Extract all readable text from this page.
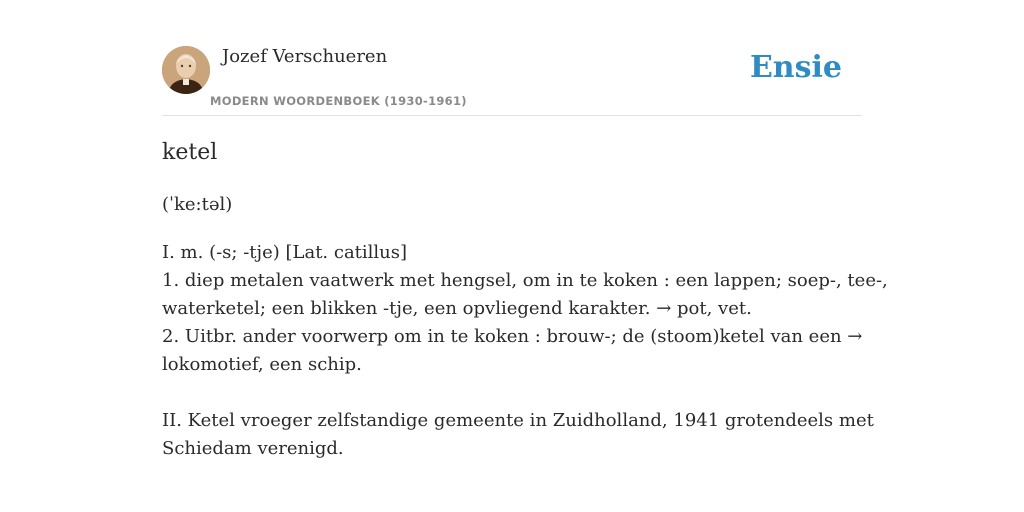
Jozef Verschueren
MODERN WOORDENBOEK (1930-1961)
Ensie
ketel
(ˈke:təl)
I. m. (-s; -tje) [Lat. catillus]
1. diep metalen vaatwerk met hengsel, om in te koken : een lappen; soep-, tee-,
waterketel; een blikken -tje, een opvliegend karakter. → pot, vet.
2. Uitbr. ander voorwerp om in te koken : brouw-; de (stoom)ketel van een →
lokomotief, een schip.
II. Ketel vroeger zelfstandige gemeente in Zuidholland, 1941 grotendeels met
Schiedam verenigd.
